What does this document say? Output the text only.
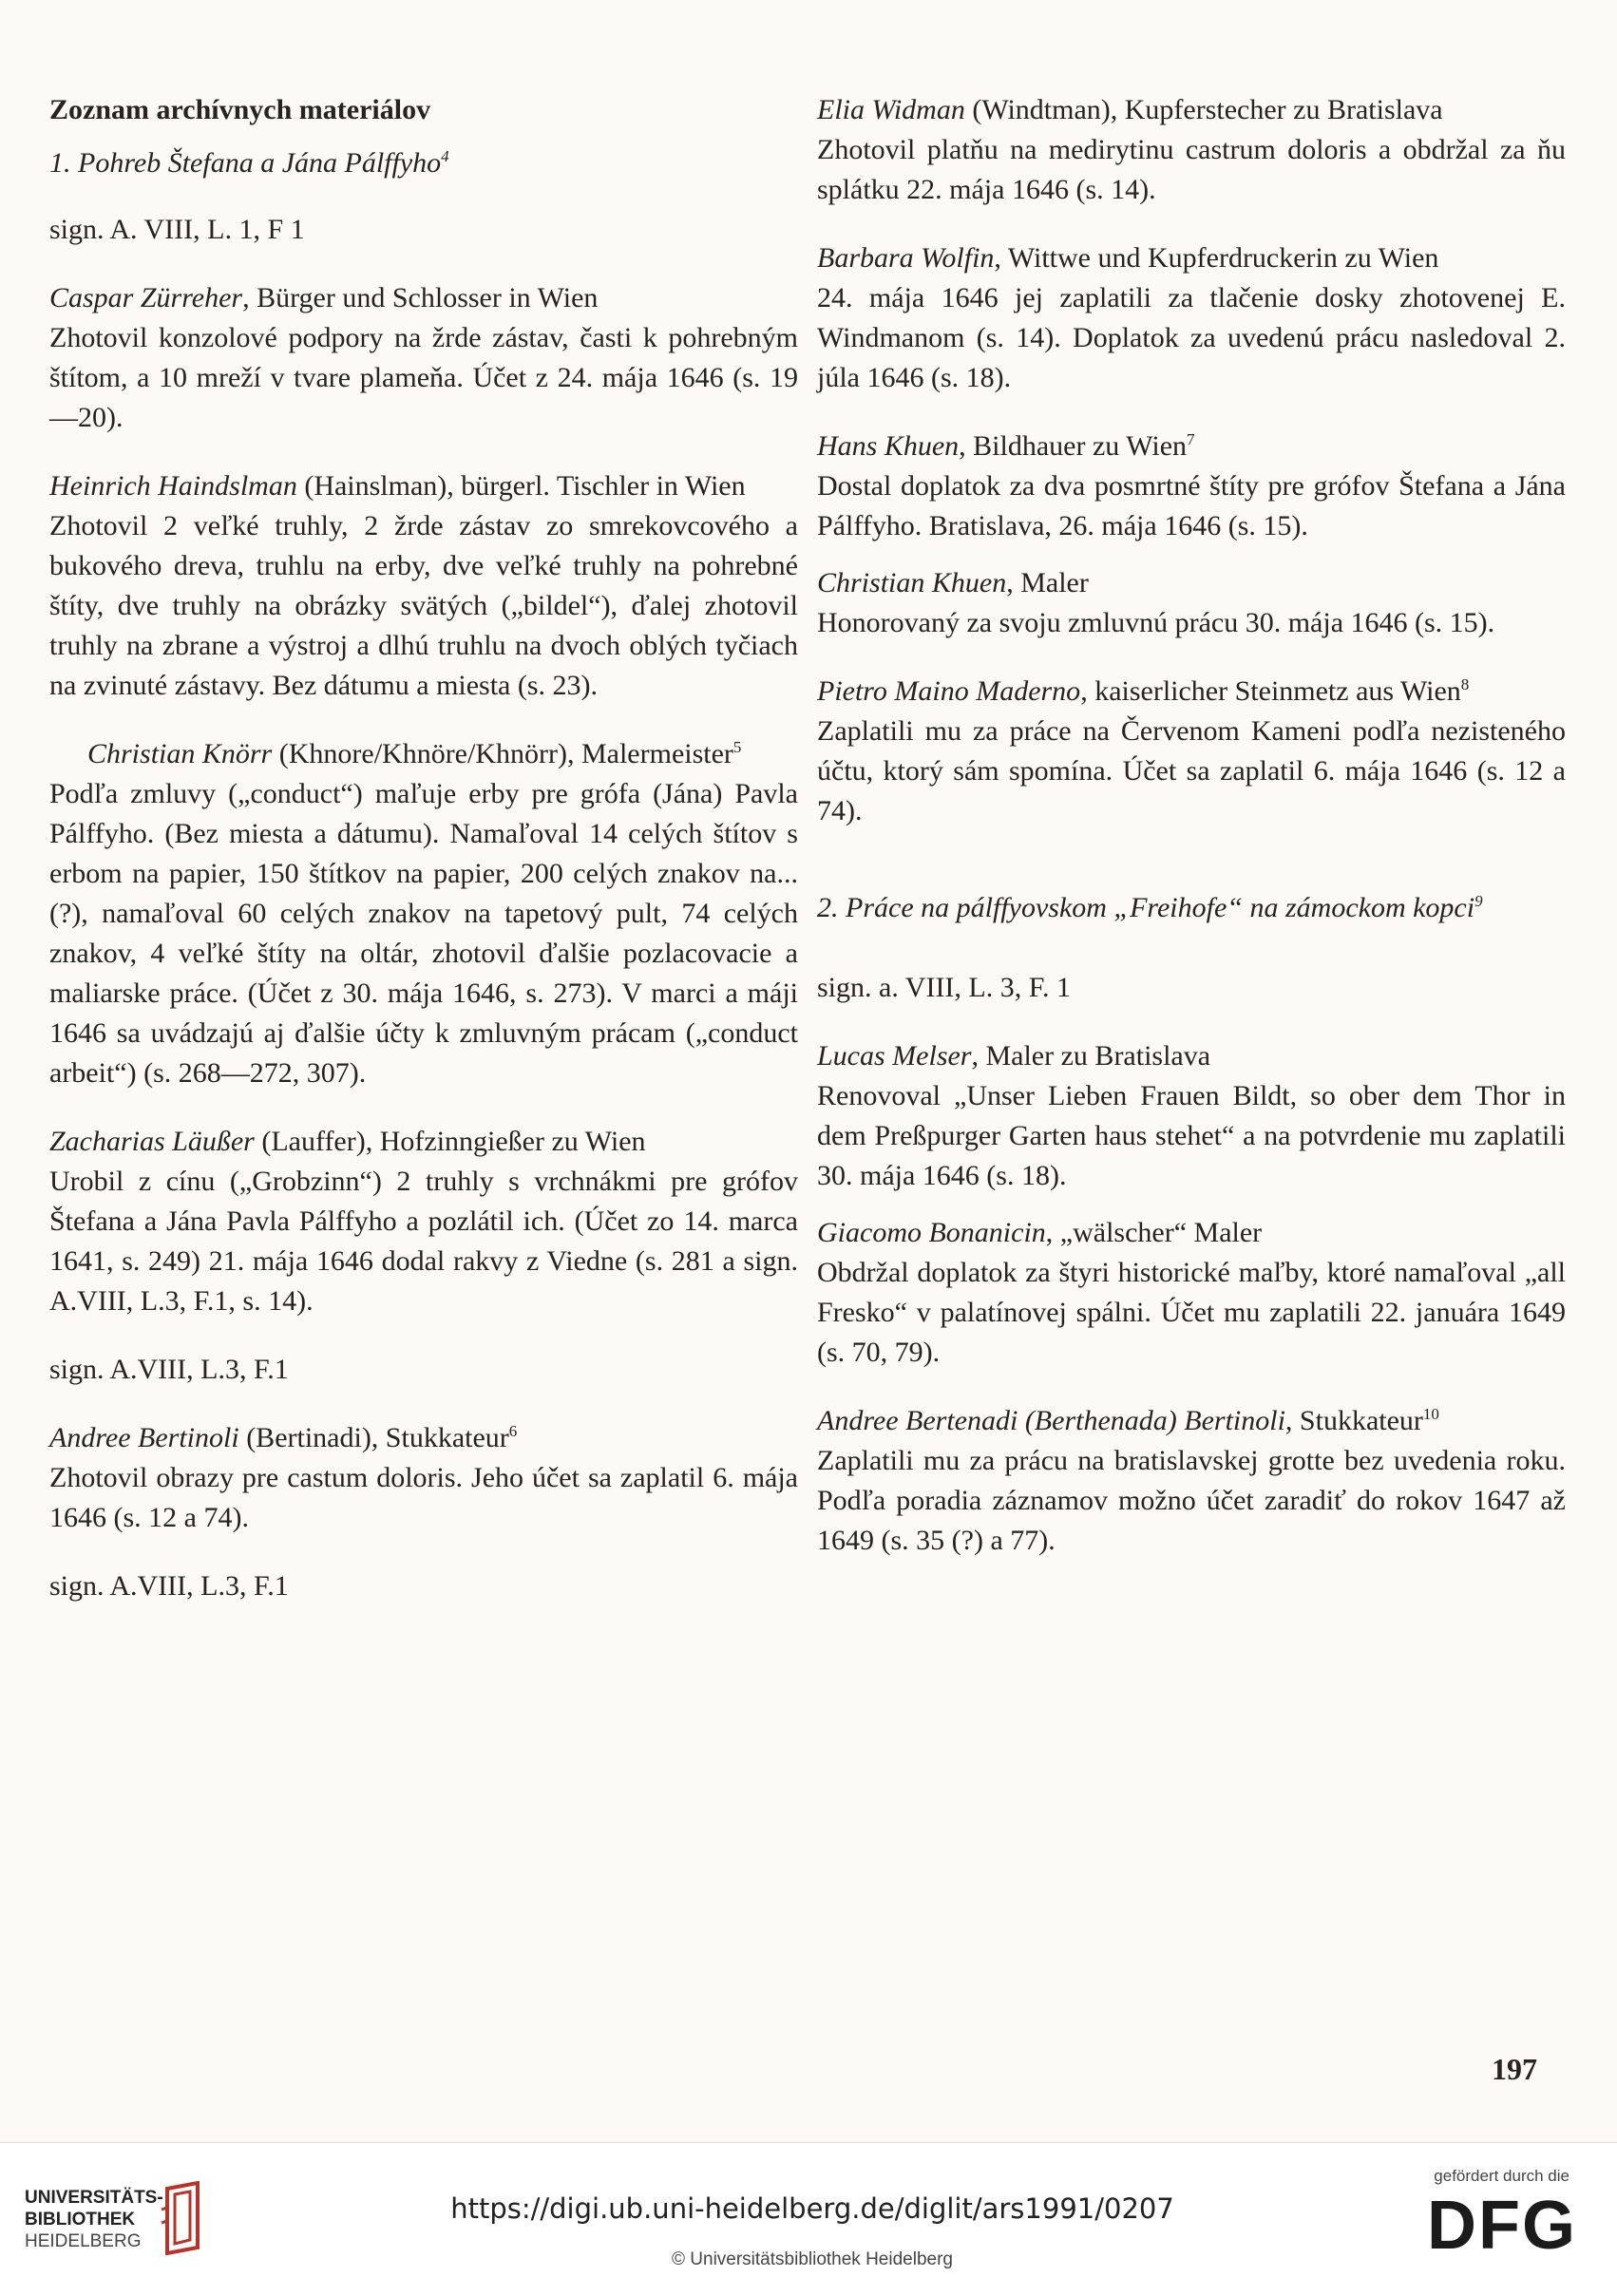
Zoznam archívnych materiálov
1. Pohreb Štefana a Jána Pálffyho$^4$
sign. A. VIII, L. 1, F 1

Caspar Zürreher, Bürger und Schlosser in Wien

Zhotovil konzolové podpory na žrde zástav, časti k pohrebným štítom, a 10 mreží v tvare plameňa. Účet z 24. mája 1646 (s. 19—20).

Heinrich Haindslman (Hainslman), bürgerl. Tischler in Wien

Zhotovil 2 veľké truhly, 2 žrde zástav zo smrekovcového a bukového dreva, truhlu na erby, dve veľké truhly na pohrebné štíty, dve truhly na obrázky svätých („bildel“), ďalej zhotovil truhly na zbrane a výstroj a dlhú truhlu na dvoch oblých tyčiach na zvinuté zástavy. Bez dátumu a miesta (s. 23).

Christian Knörr (Khnore/Khnöre/Khnörr), Malermeister$^5$

Podľa zmluvy („conduct“) maľuje erby pre grófa (Jána) Pavla Pálffyho. (Bez miesta a dátumu). Namaľoval 14 celých štítov s erbom na papier, 150 štítkov na papier, 200 celých znakov na... (?), namaľoval 60 celých znakov na tapetový pult, 74 celých znakov, 4 veľké štíty na oltár, zhotovil ďalšie pozlacovacie a maliarske práce. (Účet z 30. mája 1646, s. 273). V marci a máji 1646 sa uvádzajú aj ďalšie účty k zmluvným prácam („conduct arbeit“) (s. 268—272, 307).

Zacharias Läußer (Lauffer), Hofzinngießer zu Wien

Urobil z cínu („Grobzinn“) 2 truhly s vrchnákmi pre grófov Štefana a Jána Pavla Pálffyho a pozlátil ich. (Účet zo 14. marca 1641, s. 249) 21. mája 1646 dodal rakvy z Viedne (s. 281 a sign. A.VIII, L.3, F.1, s. 14).

sign. A.VIII, L.3, F.1

Andree Bertinoli (Bertinadi), Stukkateur$^6$

Zhotovil obrazy pre castum doloris. Jeho účet sa zaplatil 6. mája 1646 (s. 12 a 74).

sign. A.VIII, L.3, F.1

Elia Widman (Windtman), Kupferstecher zu Bratislava

Zhotovil platňu na medirytinu castrum doloris a obdržal za ňu splátku 22. mája 1646 (s. 14).

Barbara Wolfin, Wittwe und Kupferdruckerin zu Wien

24. mája 1646 jej zaplatili za tlačenie dosky zhotovenej E. Windmanom (s. 14). Doplatok za uvedenú prácu nasledoval 2. júla 1646 (s. 18).

Hans Khuen, Bildhauer zu Wien$^7$

Dostal doplatok za dva posmrtné štíty pre grófov Štefana a Jána Pálffyho. Bratislava, 26. mája 1646 (s. 15).

Christian Khuen, Maler

Honorovaný za svoju zmluvnú prácu 30. mája 1646 (s. 15).

Pietro Maino Maderno, kaiserlicher Steinmetz aus Wien$^8$

Zaplatili mu za práce na Červenom Kameni podľa nezisteného účtu, ktorý sám spomína. Účet sa zaplatil 6. mája 1646 (s. 12 a 74).

2. Práce na pálffyovskom „Freihofe“ na zámockom kopci$^9$
sign. a. VIII, L. 3, F. 1

Lucas Melser, Maler zu Bratislava

Renovoval „Unser Lieben Frauen Bildt, so ober dem Thor in dem Preßpurger Garten haus stehet“ a na potvrdenie mu zaplatili 30. mája 1646 (s. 18).

Giacomo Bonanicin, „wälscher“ Maler

Obdržal doplatok za štyri historické maľby, ktoré namaľoval „all Fresko“ v palatínovej spálni. Účet mu zaplatili 22. januára 1649 (s. 70, 79).

Andree Bertenadi (Berthenada) Bertinoli, Stukkateur$^{10}$

Zaplatili mu za prácu na bratislavskej grotte bez uvedenia roku. Podľa poradia záznamov možno účet zaradiť do rokov 1647 až 1649 (s. 35 (?) a 77).

197
UNIVERSITÄTS-
BIBLIOTHEK
HEIDELBERG
https://digi.ub.uni-heidelberg.de/diglit/ars1991/0207
© Universitätsbibliothek Heidelberg
gefördert durch die
DFG
